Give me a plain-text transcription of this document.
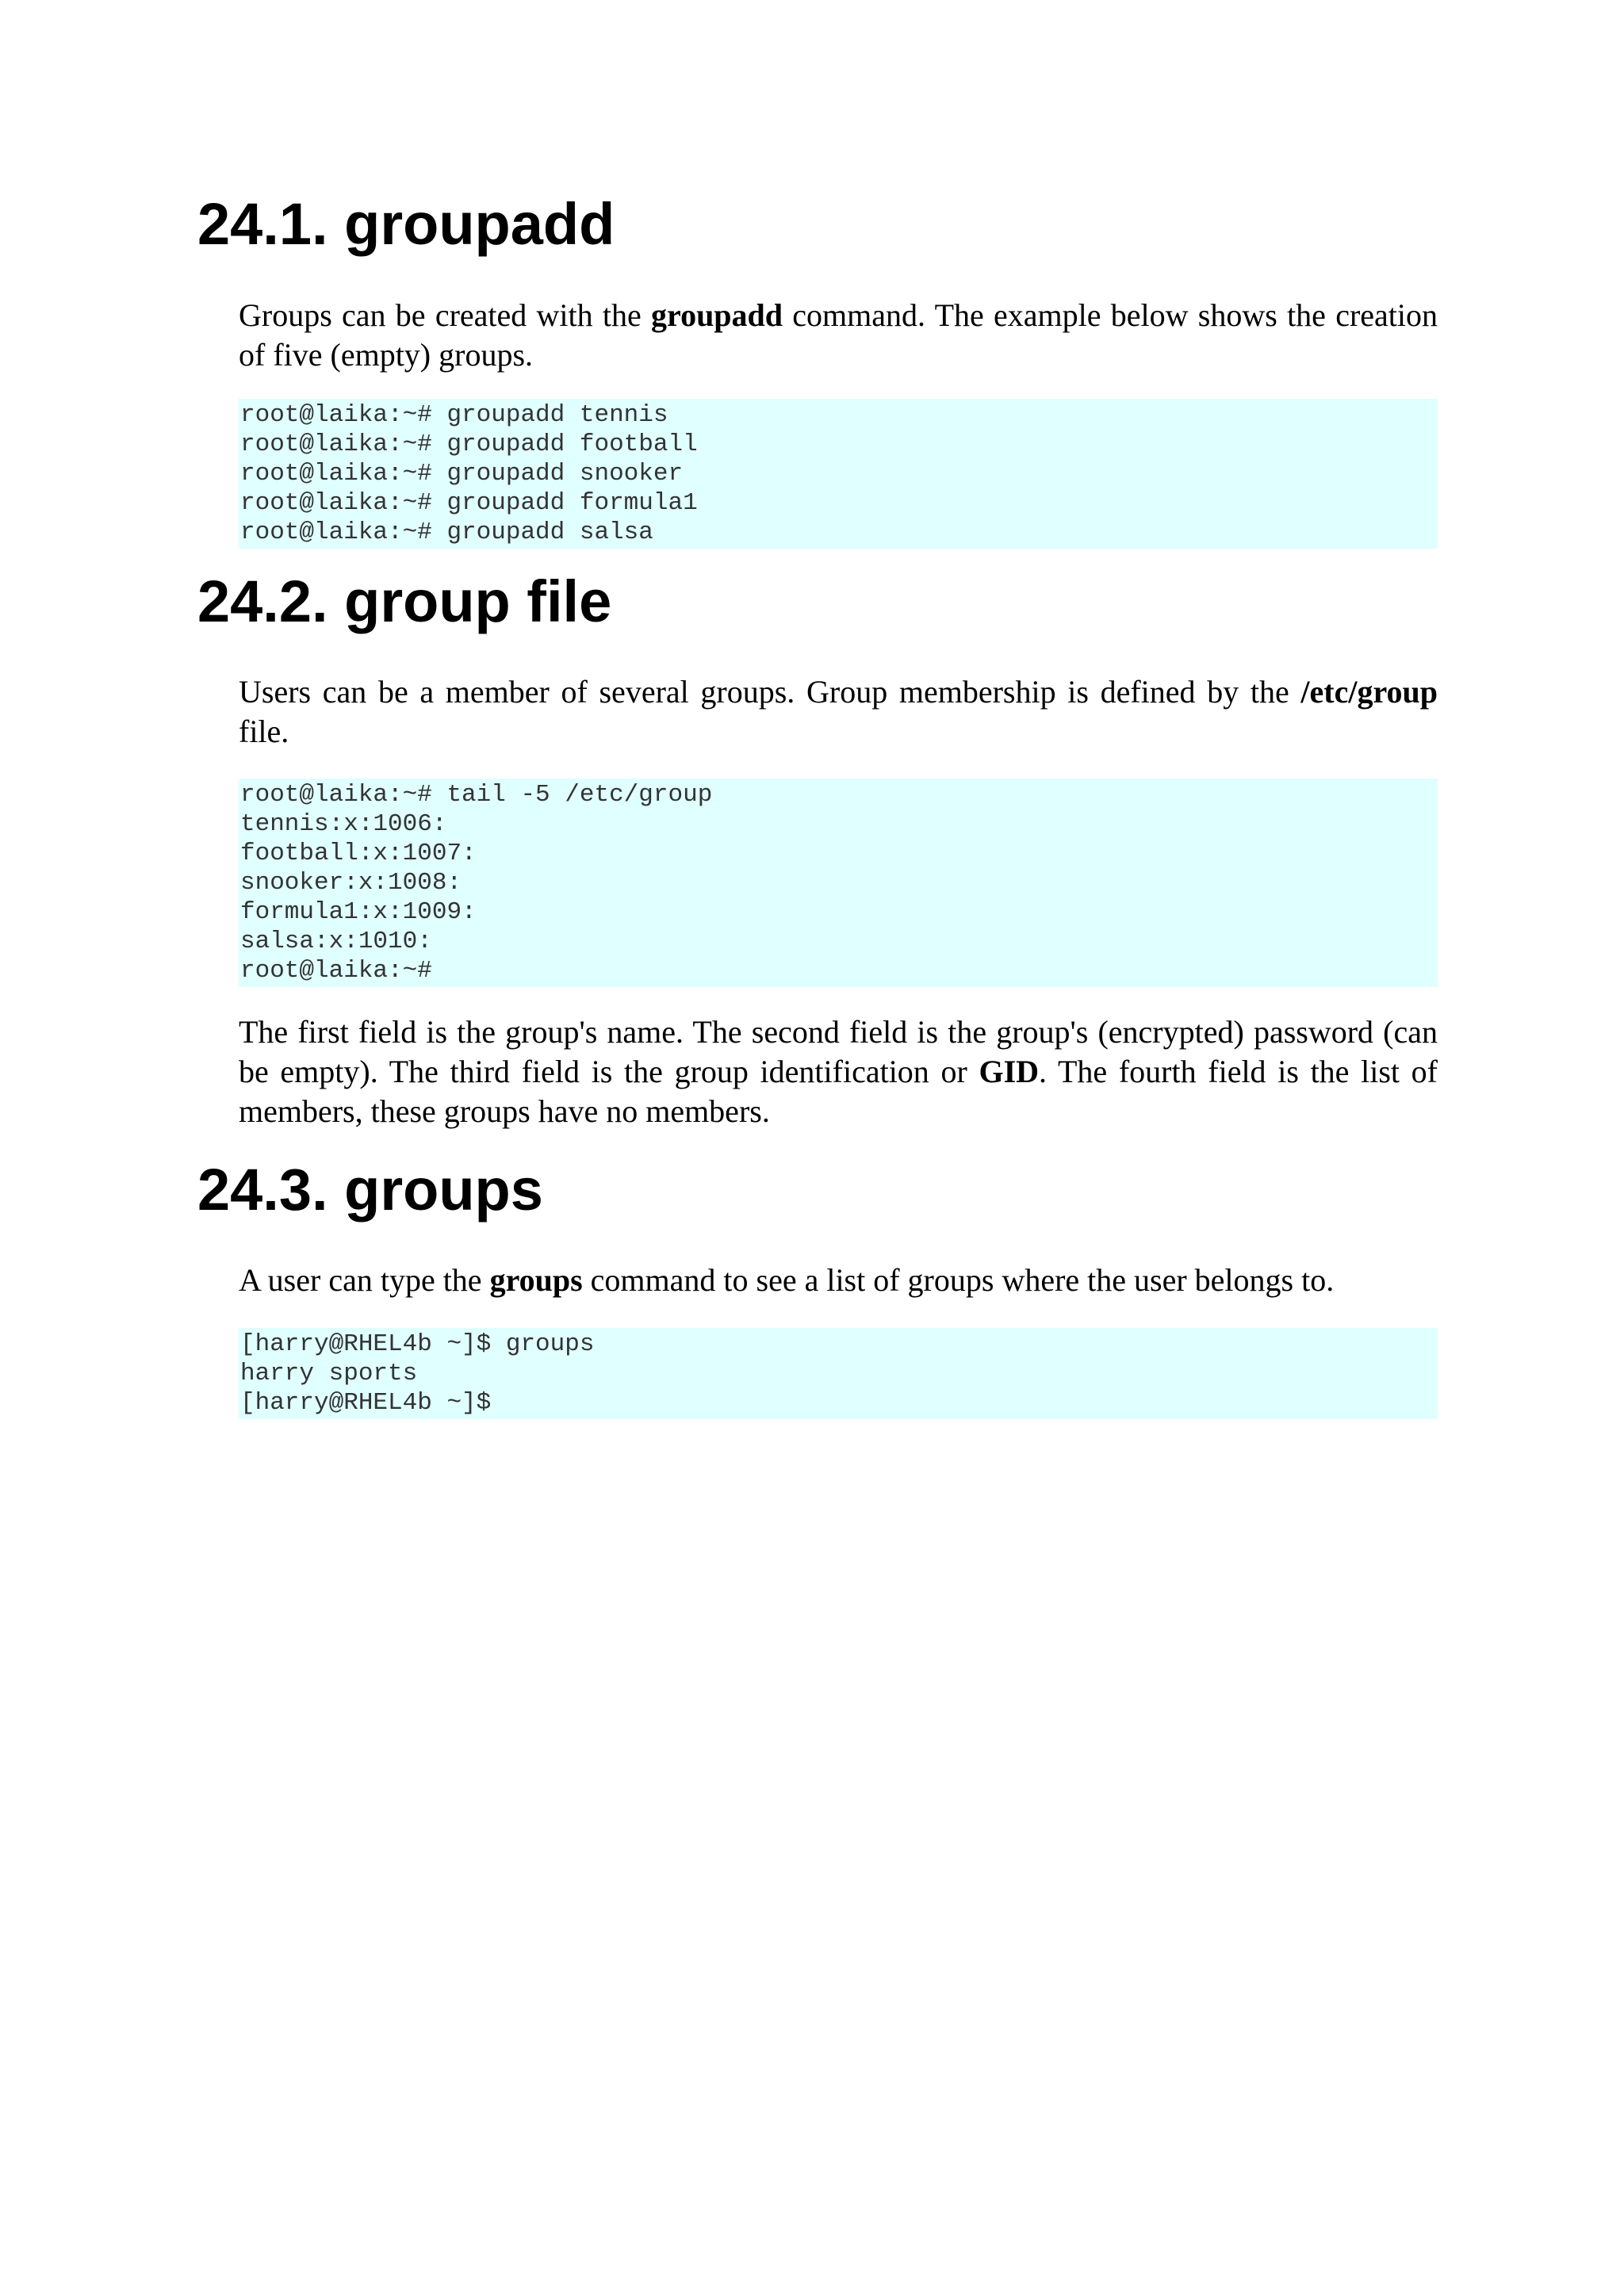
24.1. groupadd

Groups can be created with the groupadd command. The example below shows the creation of five (empty) groups.

root@laika:~# groupadd tennis
root@laika:~# groupadd football
root@laika:~# groupadd snooker
root@laika:~# groupadd formula1
root@laika:~# groupadd salsa
24.2. group file

Users can be a member of several groups. Group membership is defined by the /etc/group file.

root@laika:~# tail -5 /etc/group
tennis:x:1006:
football:x:1007:
snooker:x:1008:
formula1:x:1009:
salsa:x:1010:
root@laika:~#

The first field is the group's name. The second field is the group's (encrypted) password (can be empty). The third field is the group identification or GID. The fourth field is the list of members, these groups have no members.

24.3. groups

A user can type the groups command to see a list of groups where the user belongs to.

[harry@RHEL4b ~]$ groups
harry sports
[harry@RHEL4b ~]$
